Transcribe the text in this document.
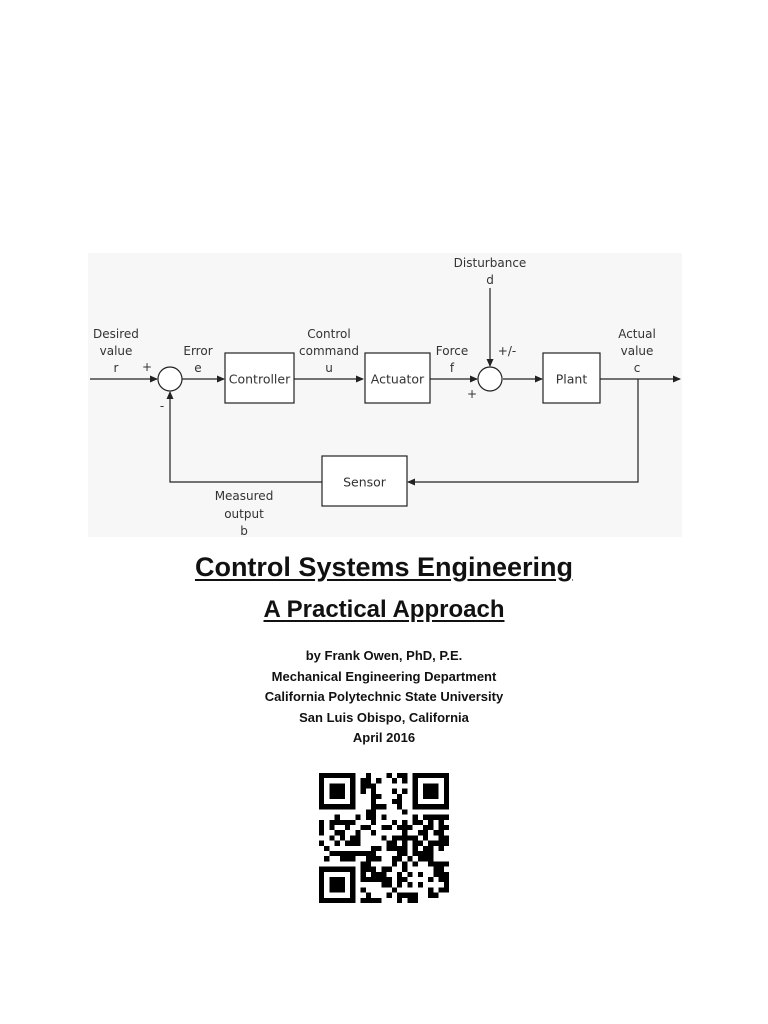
Controller	Actuator	Plant
Sensor
Desired
value
r
Error
e
Control
command
u
Force
f
Disturbance
d
Actual
value
c
Measured
output
b
+
-
+/-
+
Control Systems Engineering
A Practical Approach
by Frank Owen, PhD, P.E.
Mechanical Engineering Department
California Polytechnic State University
San Luis Obispo, California
April 2016
